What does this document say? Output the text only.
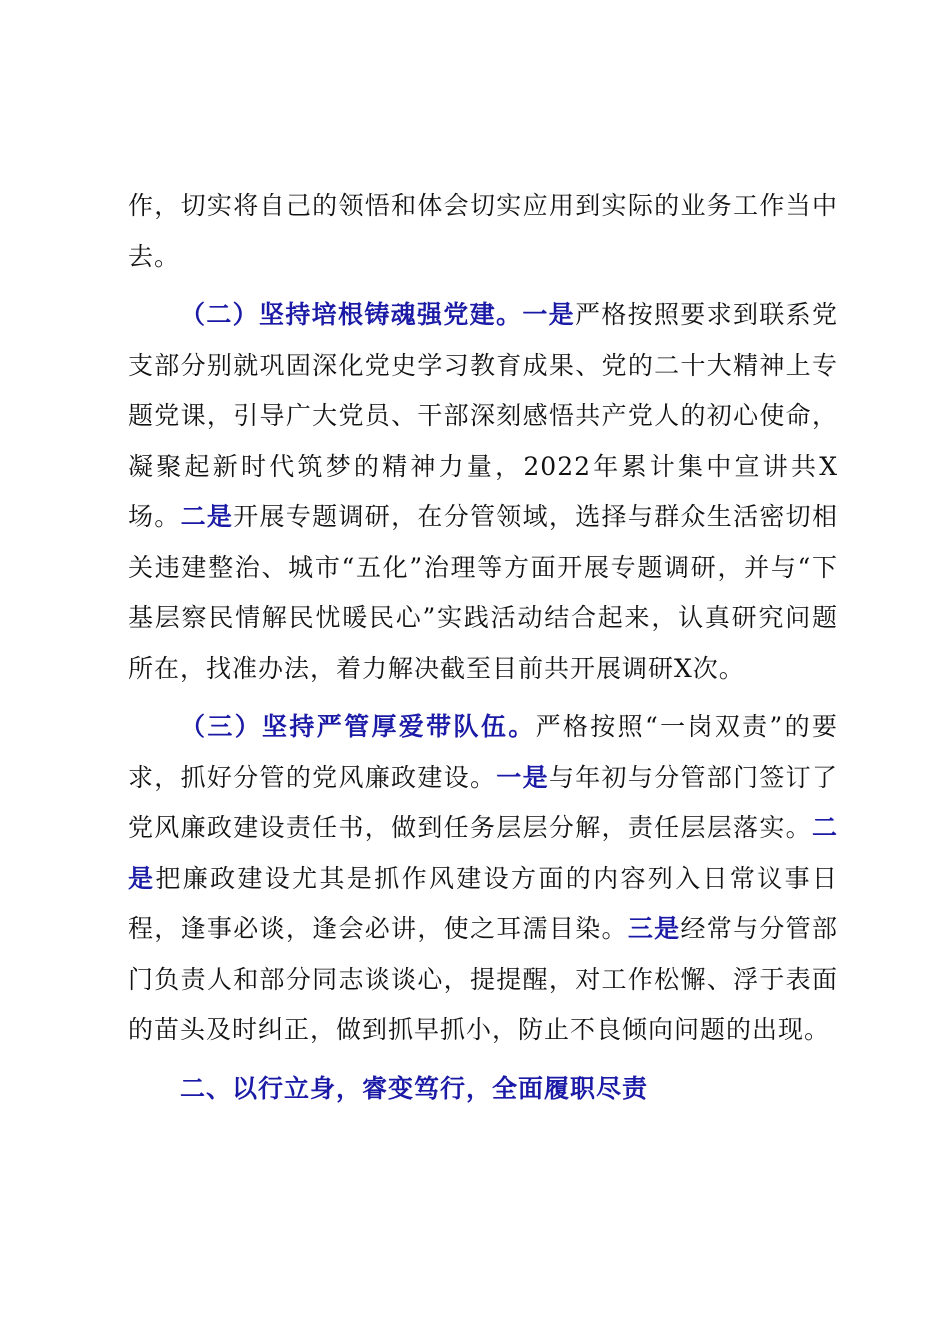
作，切实将自己的领悟和体会切实应用到实际的业务工作当中去。

（二）坚持培根铸魂强党建。一是严格按照要求到联系党支部分别就巩固深化党史学习教育成果、党的二十大精神上专题党课，引导广大党员、干部深刻感悟共产党人的初心使命，凝聚起新时代筑梦的精神力量，2022年累计集中宣讲共X场。二是开展专题调研，在分管领域，选择与群众生活密切相关违建整治、城市“五化”治理等方面开展专题调研，并与“下基层察民情解民忧暖民心”实践活动结合起来，认真研究问题所在，找准办法，着力解决截至目前共开展调研X次。

（三）坚持严管厚爱带队伍。严格按照“一岗双责”的要求，抓好分管的党风廉政建设。一是与年初与分管部门签订了党风廉政建设责任书，做到任务层层分解，责任层层落实。二是把廉政建设尤其是抓作风建设方面的内容列入日常议事日程，逢事必谈，逢会必讲，使之耳濡目染。三是经常与分管部门负责人和部分同志谈谈心，提提醒，对工作松懈、浮于表面的苗头及时纠正，做到抓早抓小，防止不良倾向问题的出现。

二、以行立身，睿变笃行，全面履职尽责
